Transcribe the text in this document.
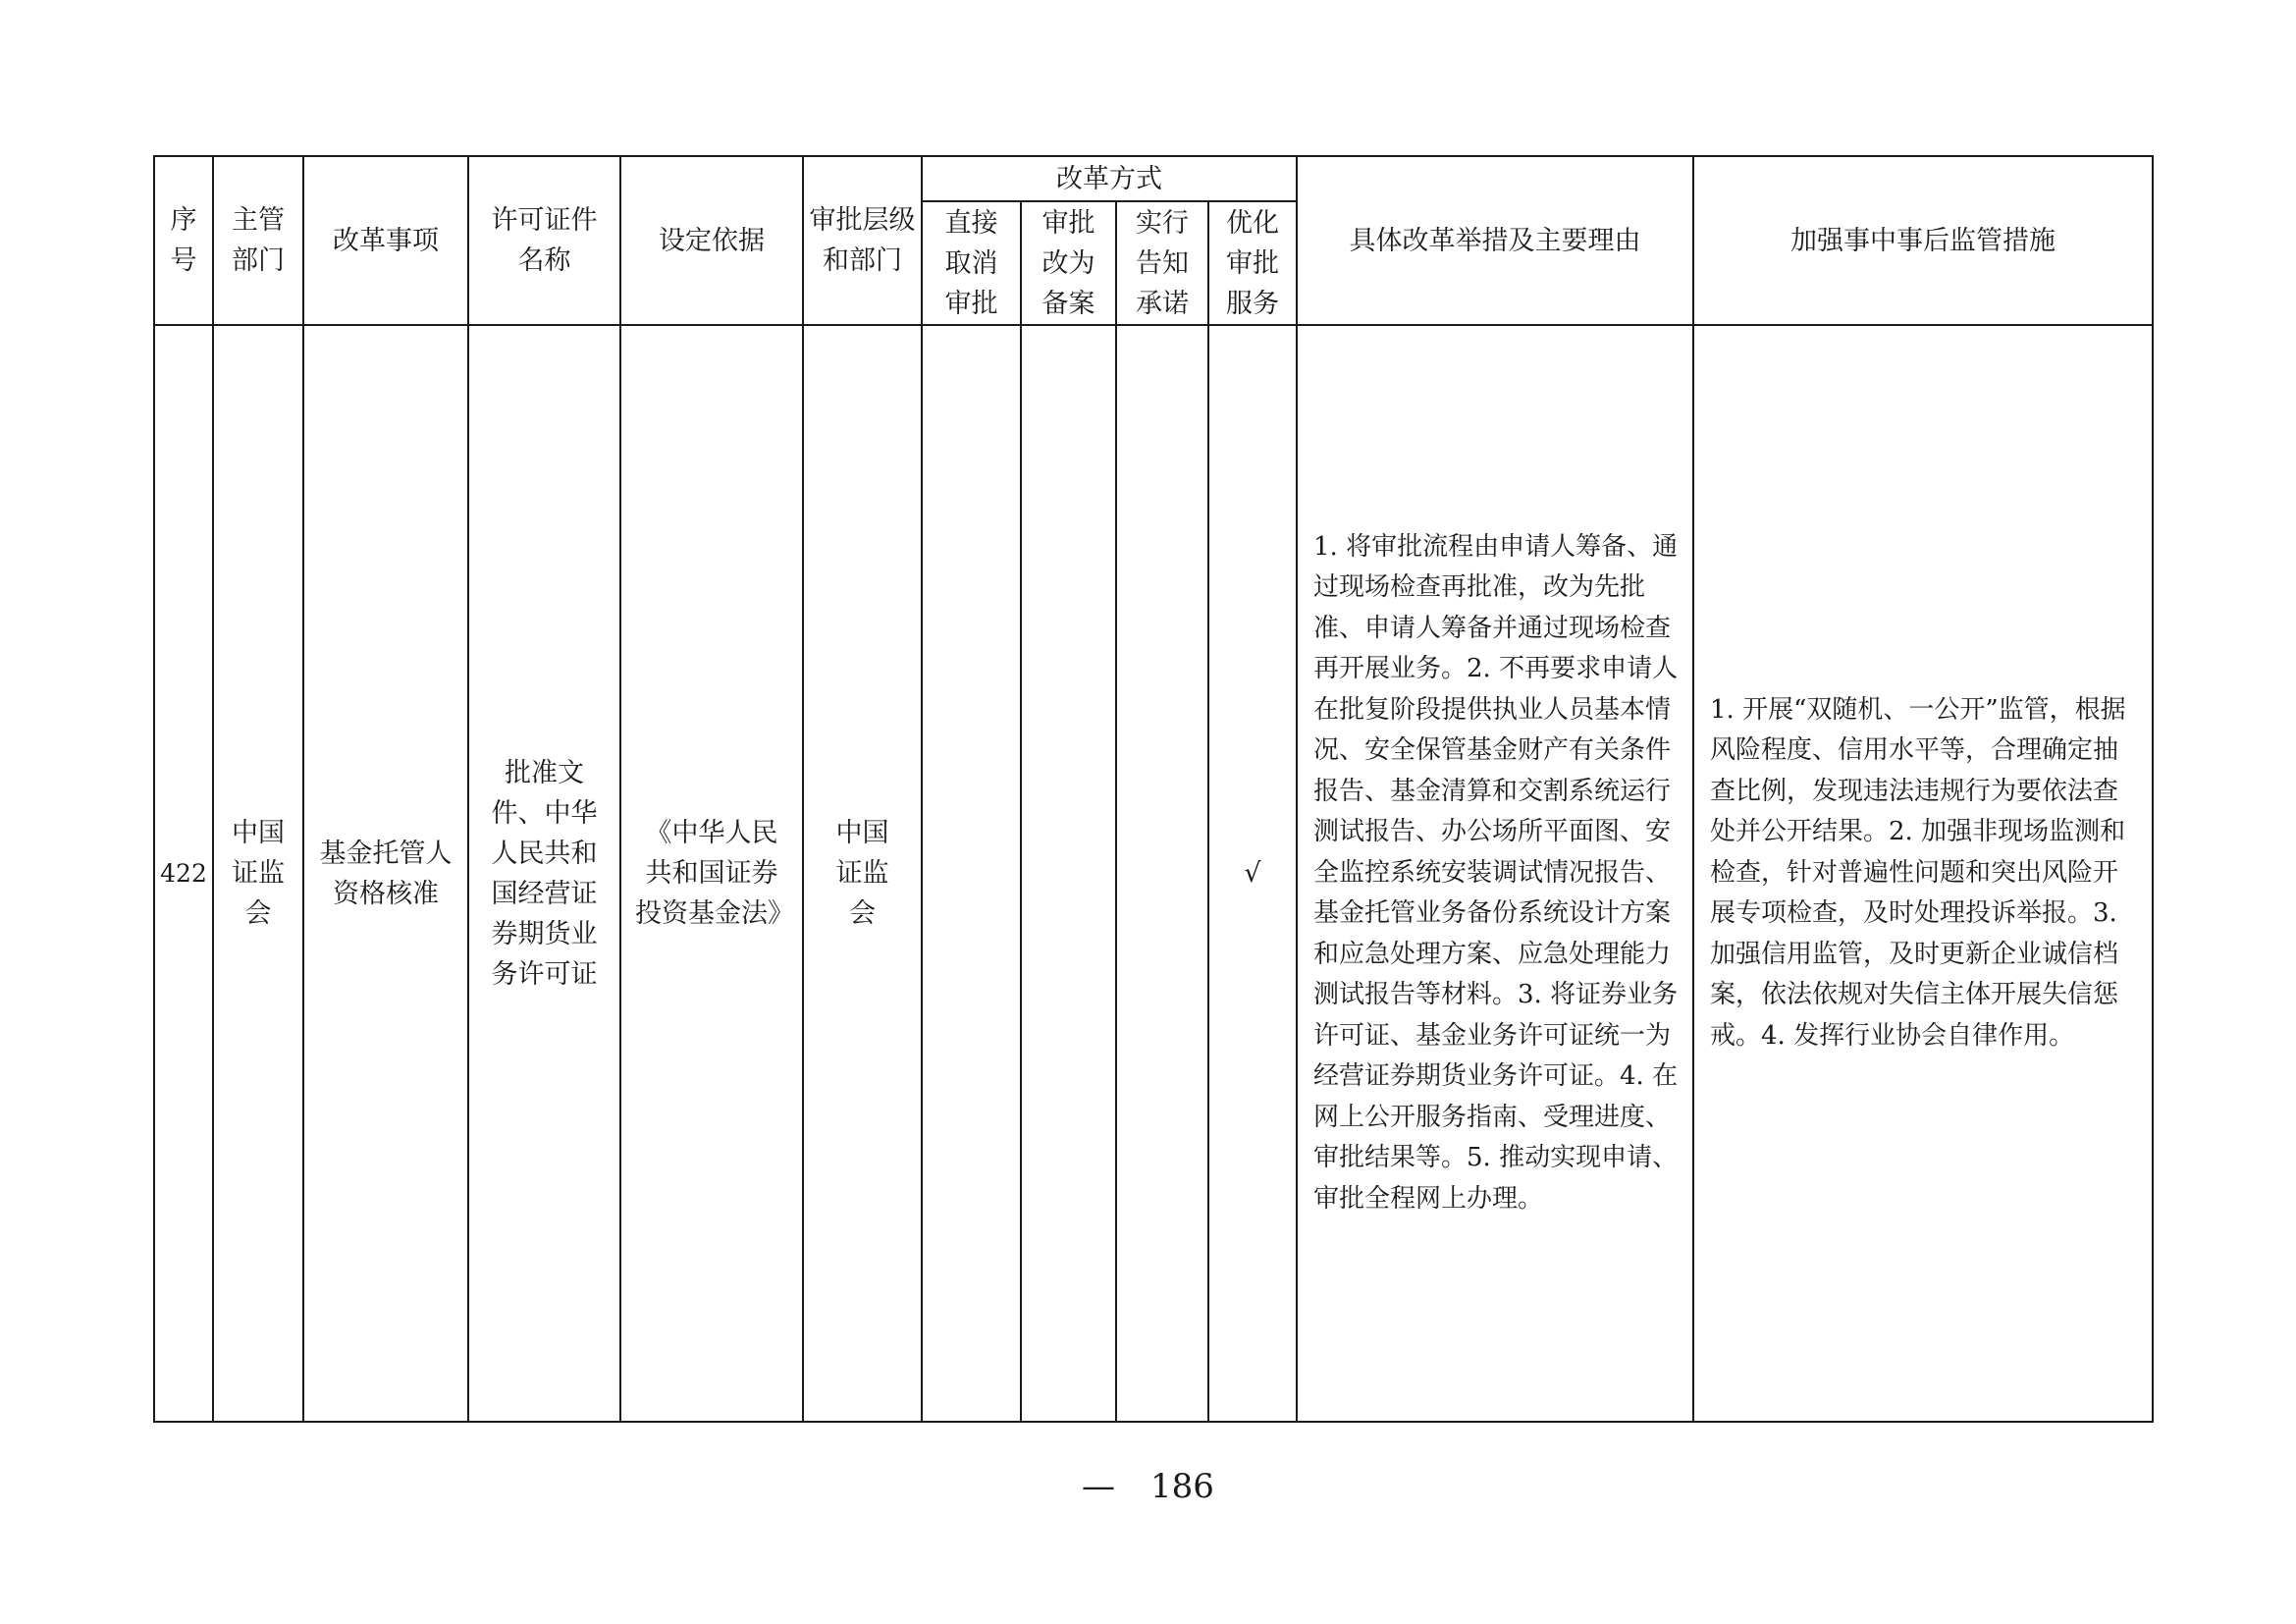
序号	主管部门	改革事项	许可证件名称	设定依据	审批层级和部门	改革方式				具体改革举措及主要理由	加强事中事后监管措施

						直接取消审批	审批改为备案	实行告知承诺	优化审批服务		

422	中国证监会	基金托管人资格核准	批准文件、中华人民共和国经营证券期货业务许可证	《中华人民共和国证券投资基金法》	中国证监会				√	1. 将审批流程由申请人筹备、通过现场检查再批准，改为先批准、申请人筹备并通过现场检查再开展业务。2. 不再要求申请人在批复阶段提供执业人员基本情况、安全保管基金财产有关条件报告、基金清算和交割系统运行测试报告、办公场所平面图、安全监控系统安装调试情况报告、基金托管业务备份系统设计方案和应急处理方案、应急处理能力测试报告等材料。3. 将证券业务许可证、基金业务许可证统一为经营证券期货业务许可证。4. 在网上公开服务指南、受理进度、审批结果等。5. 推动实现申请、审批全程网上办理。	1. 开展“双随机、一公开”监管，根据风险程度、信用水平等，合理确定抽查比例，发现违法违规行为要依法查处并公开结果。2. 加强非现场监测和检查，针对普遍性问题和突出风险开展专项检查，及时处理投诉举报。3. 加强信用监管，及时更新企业诚信档案，依法依规对失信主体开展失信惩戒。4. 发挥行业协会自律作用。
— 186
